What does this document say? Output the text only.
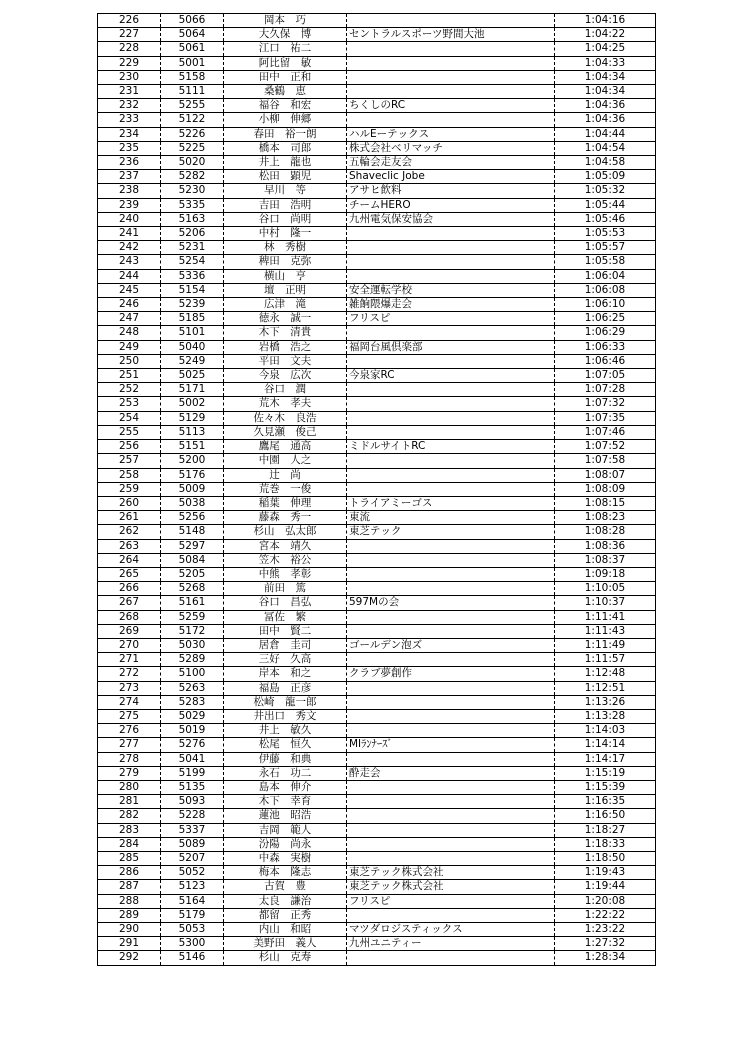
226	5066	岡本　巧		1:04:16
227	5064	大久保　博	セントラルスポーツ野間大池	1:04:22
228	5061	江口　祐二		1:04:25
229	5001	阿比留　敏		1:04:33
230	5158	田中　正和		1:04:34
231	5111	桑鶴　恵		1:04:34
232	5255	福谷　和宏	ちくしのRC	1:04:36
233	5122	小柳　伸郷		1:04:36
234	5226	春田　裕一朗	ハルEーテックス	1:04:44
235	5225	橋本　司郎	株式会社ベリマッチ	1:04:54
236	5020	井上　龍也	五輪会走友会	1:04:58
237	5282	松田　顕児	Shaveclic Jobe	1:05:09
238	5230	早川　等	アサヒ飲料	1:05:32
239	5335	吉田　浩明	チームHERO	1:05:44
240	5163	谷口　尚明	九州電気保安協会	1:05:46
241	5206	中村　隆一		1:05:53
242	5231	林　秀樹		1:05:57
243	5254	稗田　克弥		1:05:58
244	5336	横山　亨		1:06:04
245	5154	壇　正明	安全運転学校	1:06:08
246	5239	広津　滝	雑餉隈爆走会	1:06:10
247	5185	徳永　誠一	フリスピ	1:06:25
248	5101	木下　清貴		1:06:29
249	5040	岩橋　浩之	福岡台風倶楽部	1:06:33
250	5249	平田　文夫		1:06:46
251	5025	今泉　広次	今泉家RC	1:07:05
252	5171	谷口　潤		1:07:28
253	5002	荒木　孝夫		1:07:32
254	5129	佐々木　良浩		1:07:35
255	5113	久見瀬　俊己		1:07:46
256	5151	鷹尾　通高	ミドルサイトRC	1:07:52
257	5200	中園　人之		1:07:58
258	5176	辻　尚		1:08:07
259	5009	荒巻　一俊		1:08:09
260	5038	稲葉　伸理	トライアミーゴス	1:08:15
261	5256	藤森　秀一	東流	1:08:23
262	5148	杉山　弘太郎	東芝テック	1:08:28
263	5297	宮本　靖久		1:08:36
264	5084	笠木　裕公		1:08:37
265	5205	中熊　孝彰		1:09:18
266	5268	前田　篤		1:10:05
267	5161	谷口　昌弘	597Mの会	1:10:37
268	5259	冨佐　繁		1:11:41
269	5172	田中　賢二		1:11:43
270	5030	居倉　圭司	ゴールデン泡ズ	1:11:49
271	5289	三好　久高		1:11:57
272	5100	岸本　和之	クラブ夢創作	1:12:48
273	5263	福島　正彦		1:12:51
274	5283	松崎　龍一郎		1:13:26
275	5029	井出口　秀文		1:13:28
276	5019	井上　敏久		1:14:03
277	5276	松尾　恒久	MIﾗﾝﾅｰｽﾞ	1:14:14
278	5041	伊藤　和典		1:14:17
279	5199	永石　功二	酔走会	1:15:19
280	5135	島本　伸介		1:15:39
281	5093	木下　幸育		1:16:35
282	5228	蓮池　昭浩		1:16:50
283	5337	吉岡　範人		1:18:27
284	5089	汾陽　尚永		1:18:33
285	5207	中森　実樹		1:18:50
286	5052	梅本　隆志	東芝テック株式会社	1:19:43
287	5123	古賀　豊	東芝テック株式会社	1:19:44
288	5164	太良　謙治	フリスピ	1:20:08
289	5179	都留　正秀		1:22:22
290	5053	内山　和昭	マツダロジスティックス	1:23:22
291	5300	美野田　義人	九州ユニティー	1:27:32
292	5146	杉山　克寿		1:28:34
